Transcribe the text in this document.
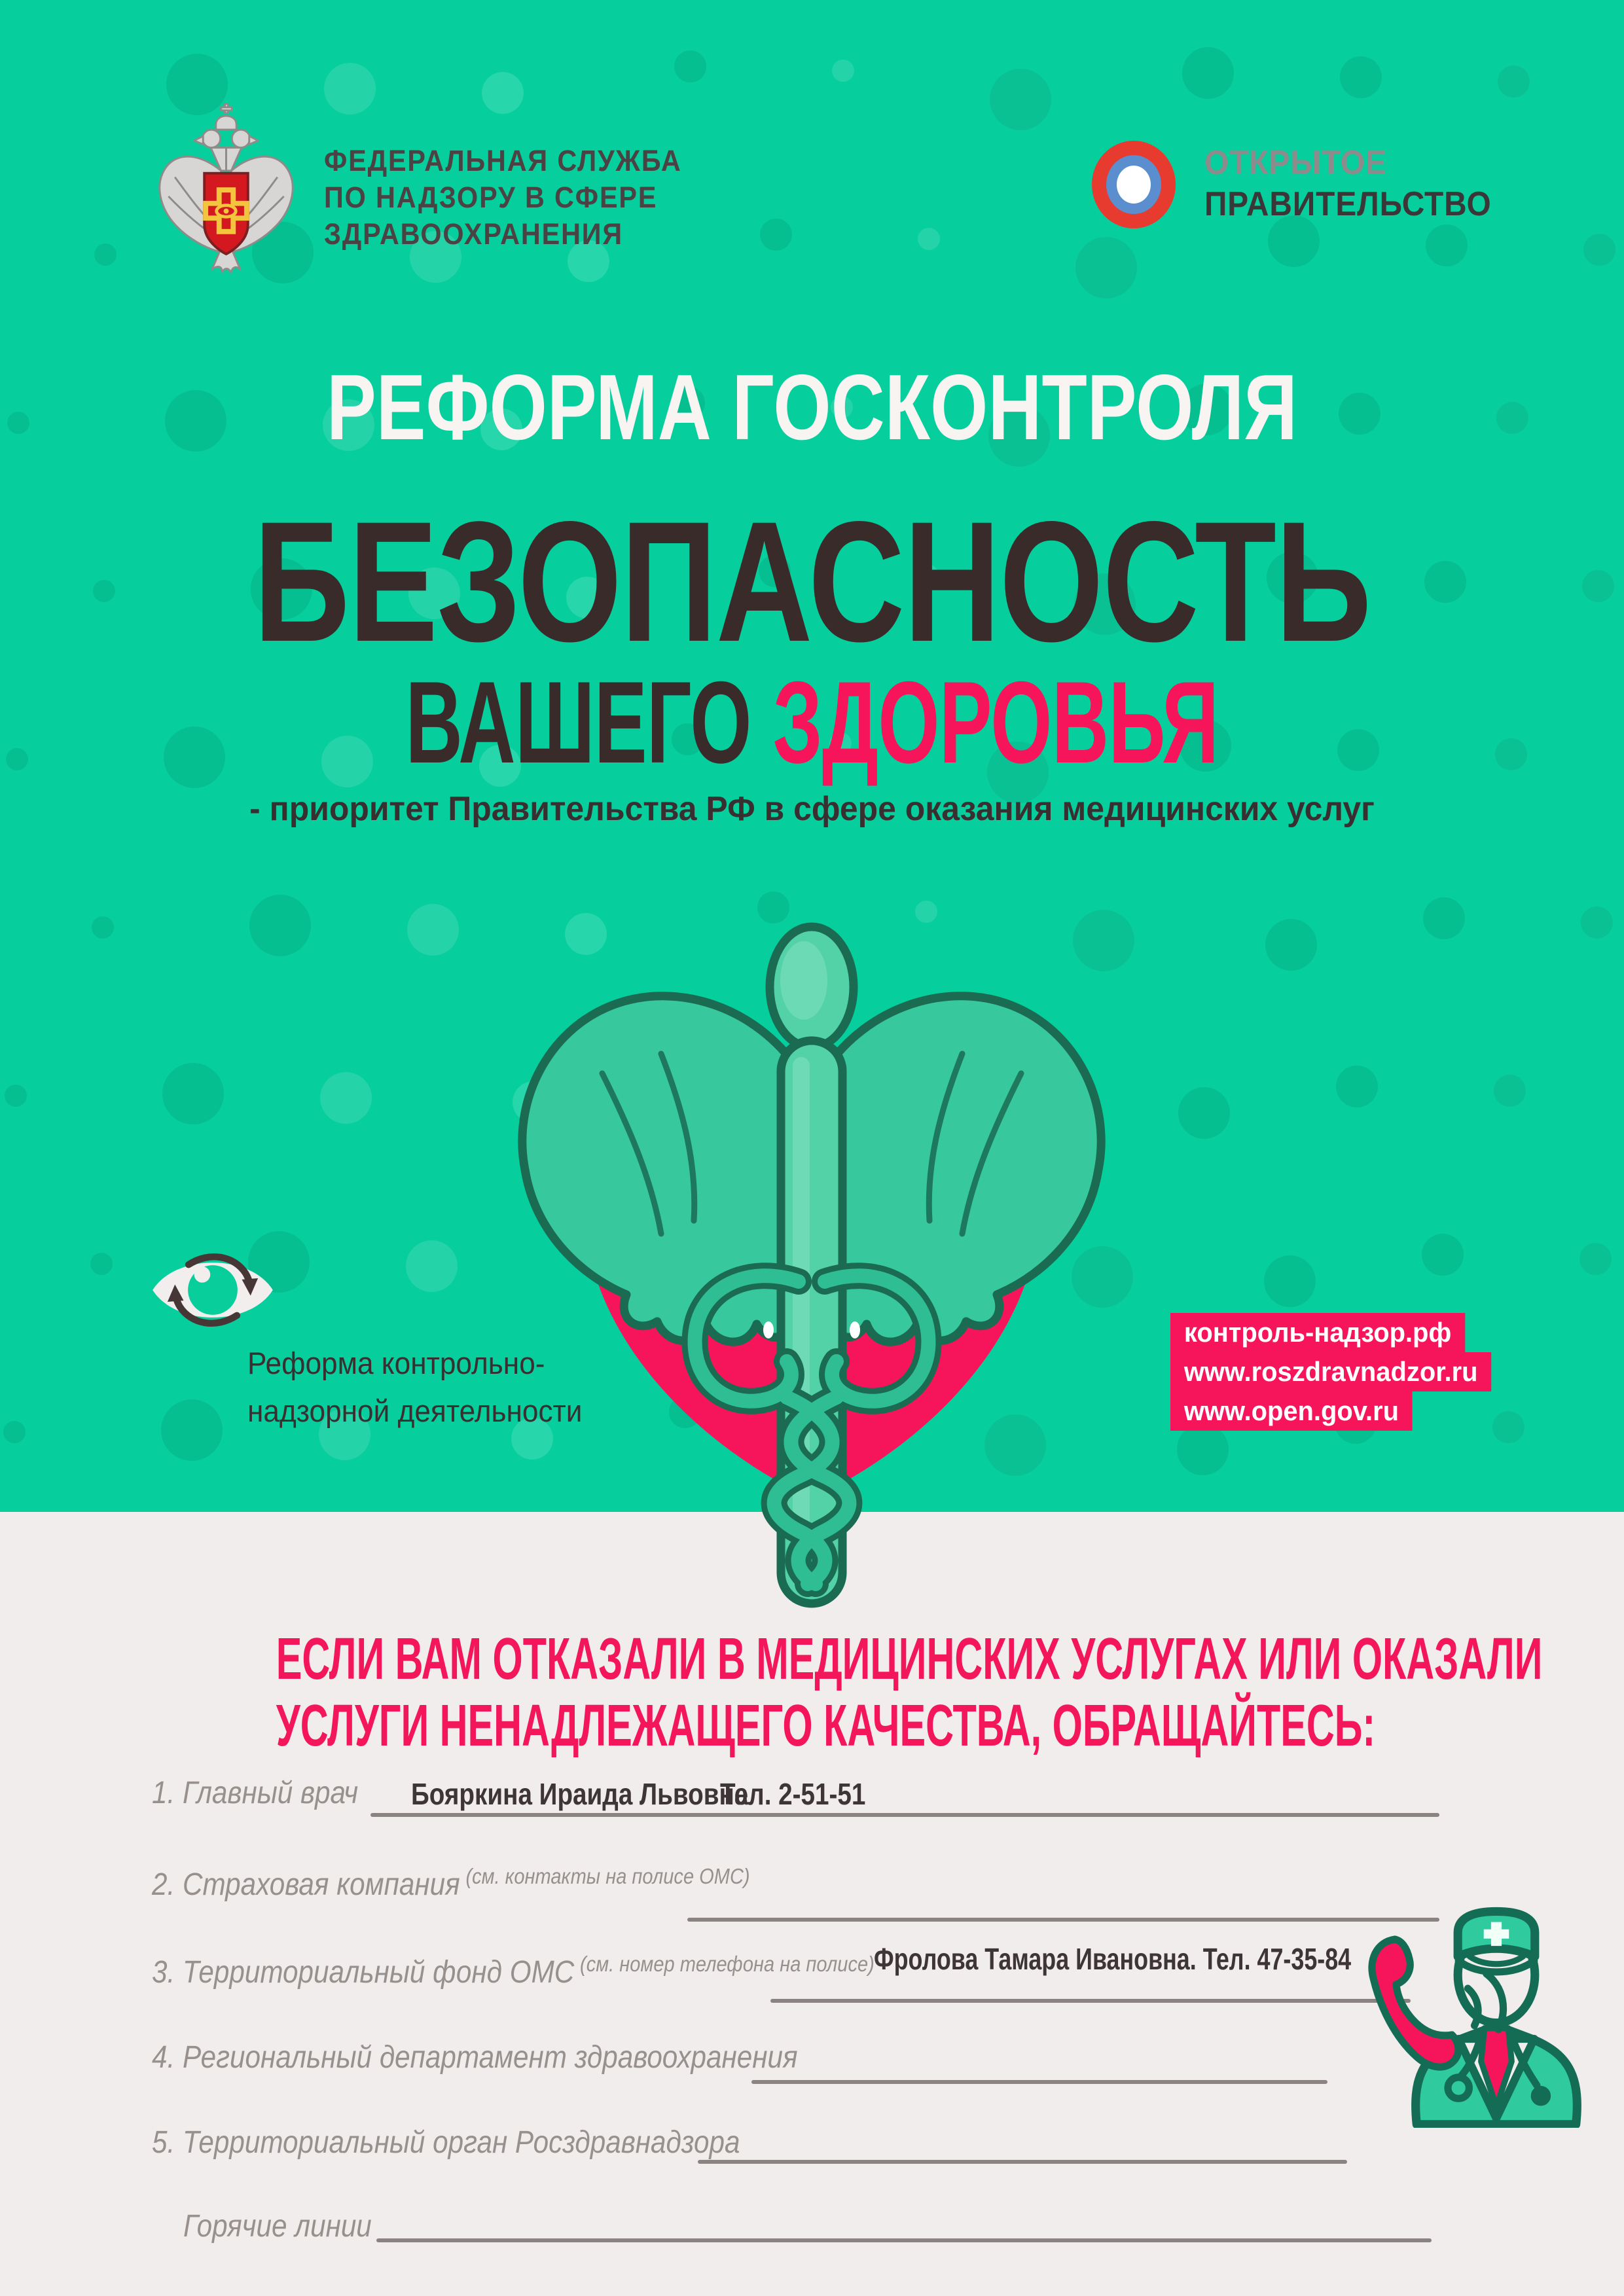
ФЕДЕРАЛЬНАЯ СЛУЖБА
ПО НАДЗОРУ В СФЕРЕ
ЗДРАВООХРАНЕНИЯ
ОТКРЫТОЕ
ПРАВИТЕЛЬСТВО
РЕФОРМА ГОСКОНТРОЛЯ
БЕЗОПАСНОСТЬ
ВАШЕГО ЗДОРОВЬЯ
- приоритет Правительства РФ в сфере оказания медицинских услуг
Реформа контрольно-
надзорной деятельности
контроль-надзор.рф
www.roszdravnadzor.ru
www.open.gov.ru
ЕСЛИ ВАМ ОТКАЗАЛИ В МЕДИЦИНСКИХ УСЛУГАХ ИЛИ ОКАЗАЛИ
УСЛУГИ НЕНАДЛЕЖАЩЕГО КАЧЕСТВА, ОБРАЩАЙТЕСЬ:
1. Главный врач Бояркина Ираида Львовна
Тел. 2-51-51
2. Страховая компания $^{(см. контакты на полисе ОМС)}$
3. Территориальный фонд ОМС $^{(см. номер телефона на полисе)}$ Фролова Тамара Ивановна. Тел. 47-35-84
4. Региональный департамент здравоохранения
5. Территориальный орган Росздравнадзора
Горячие линии
